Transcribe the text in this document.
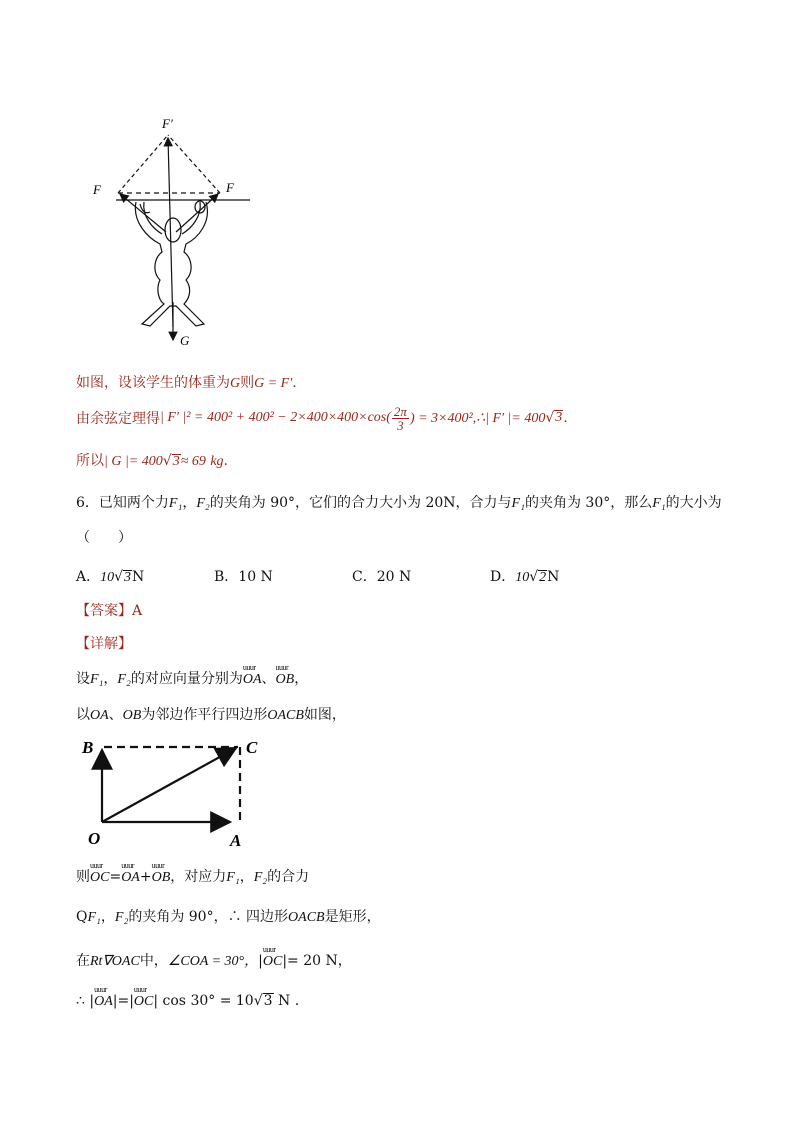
F′
F	F
G
如图，设该学生的体重为G则G = F′.
由余弦定理得 | F′ $|^2 = 400^2 + 400^2 - 2\times 400\times 400\times\cos( \frac{2\pi}{3}$ ) = 3×400²,∴| F′ |= 400 √ 3 .
所以| G |= 400√3≈ 69 kg.
6．已知两个力F₁，F₂的夹角为 90°，它们的合力大小为 20N，合力与F₁的夹角为 30°，那么F₁的大小为
（　　）
A．10√3N	B．10 N	C．20 N	D．10√2N
【答案】A
【详解】
设F₁，F₂的对应向量分别为uuur OA、uuur OB，
以OA、OB为邻边作平行四边形OACB如图，
B	C
O	A
则uuur OC=uuur OA+uuur OB，对应力F₁，F₂的合力
QF₁，F₂的夹角为 90°，∴ 四边形OACB是矩形，
在Rt∇OAC中，∠COA = 30°，|uuur OC|= 20 N，
∴ |uuur OA|=|uuur OC| cos 30° = 10√3 N .
